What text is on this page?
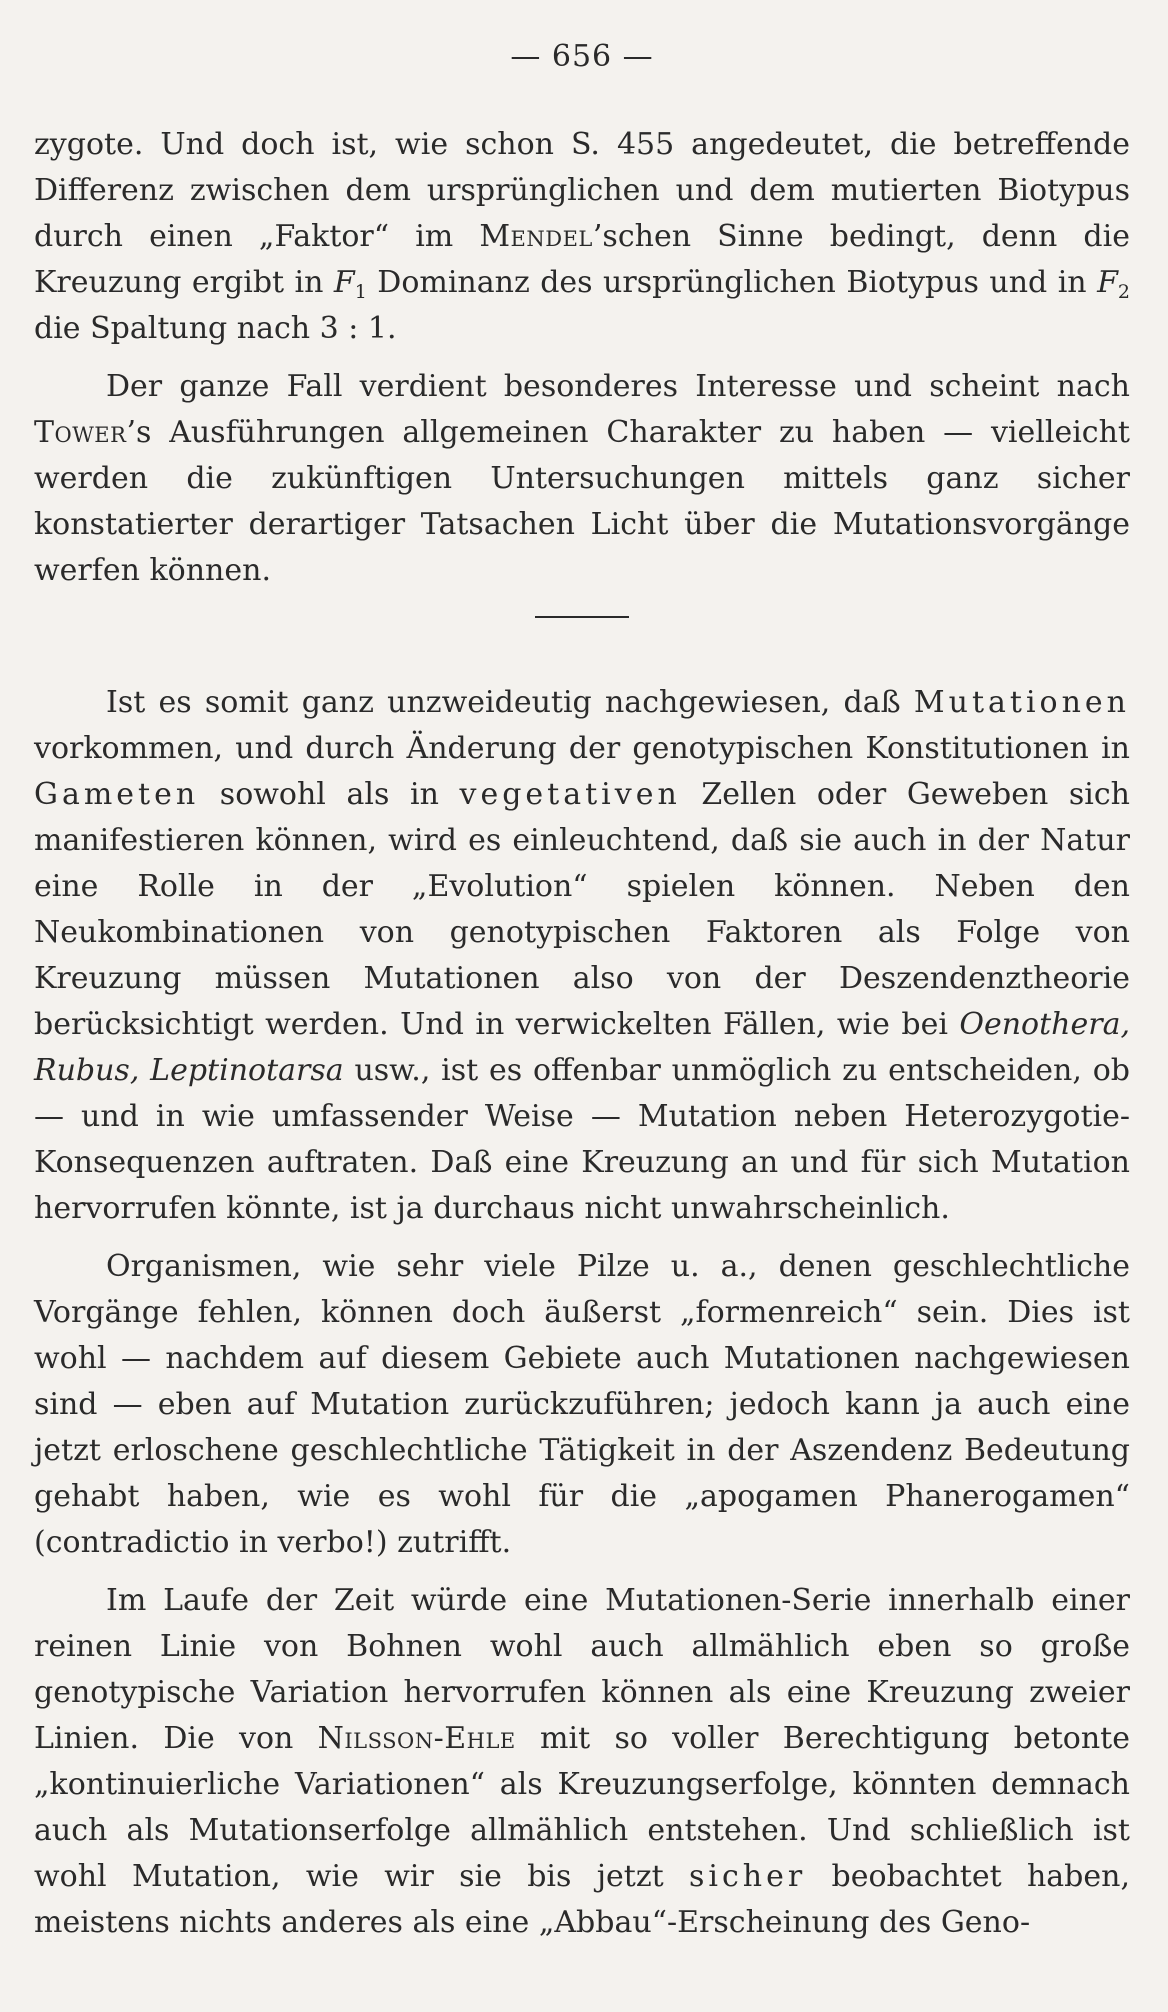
— 656 —

zygote. Und doch ist, wie schon S. 455 angedeutet, die betreffende Differenz zwischen dem ursprünglichen und dem mutierten Biotypus durch einen „Faktor“ im Mendel’schen Sinne bedingt, denn die Kreuzung ergibt in $F_1$ Dominanz des ursprünglichen Biotypus und in $F_2$ die Spaltung nach 3 : 1.

Der ganze Fall verdient besonderes Interesse und scheint nach Tower’s Ausführungen allgemeinen Charakter zu haben — vielleicht werden die zukünftigen Untersuchungen mittels ganz sicher konstatierter derartiger Tatsachen Licht über die Mutationsvorgänge werfen können.

Ist es somit ganz unzweideutig nachgewiesen, daß Mutationen vorkommen, und durch Änderung der genotypischen Konstitutionen in Gameten sowohl als in vegetativen Zellen oder Geweben sich manifestieren können, wird es einleuchtend, daß sie auch in der Natur eine Rolle in der „Evolution“ spielen können. Neben den Neukombinationen von genotypischen Faktoren als Folge von Kreuzung müssen Mutationen also von der Deszendenztheorie berücksichtigt werden. Und in verwickelten Fällen, wie bei Oenothera, Rubus, Leptinotarsa usw., ist es offenbar unmöglich zu entscheiden, ob — und in wie umfassender Weise — Mutation neben Heterozygotie-Konsequenzen auftraten. Daß eine Kreuzung an und für sich Mutation hervorrufen könnte, ist ja durchaus nicht unwahrscheinlich.

Organismen, wie sehr viele Pilze u. a., denen geschlechtliche Vorgänge fehlen, können doch äußerst „formenreich“ sein. Dies ist wohl — nachdem auf diesem Gebiete auch Mutationen nachgewiesen sind — eben auf Mutation zurückzuführen; jedoch kann ja auch eine jetzt erloschene geschlechtliche Tätigkeit in der Aszendenz Bedeutung gehabt haben, wie es wohl für die „apogamen Phanerogamen“ (contradictio in verbo!) zutrifft.

Im Laufe der Zeit würde eine Mutationen-Serie innerhalb einer reinen Linie von Bohnen wohl auch allmählich eben so große genotypische Variation hervorrufen können als eine Kreuzung zweier Linien. Die von Nilsson-Ehle mit so voller Berechtigung betonte „kontinuierliche Variationen“ als Kreuzungserfolge, könnten demnach auch als Mutationserfolge allmählich entstehen. Und schließlich ist wohl Mutation, wie wir sie bis jetzt sicher beobachtet haben, meistens nichts anderes als eine „Abbau“-Erscheinung des Geno-
